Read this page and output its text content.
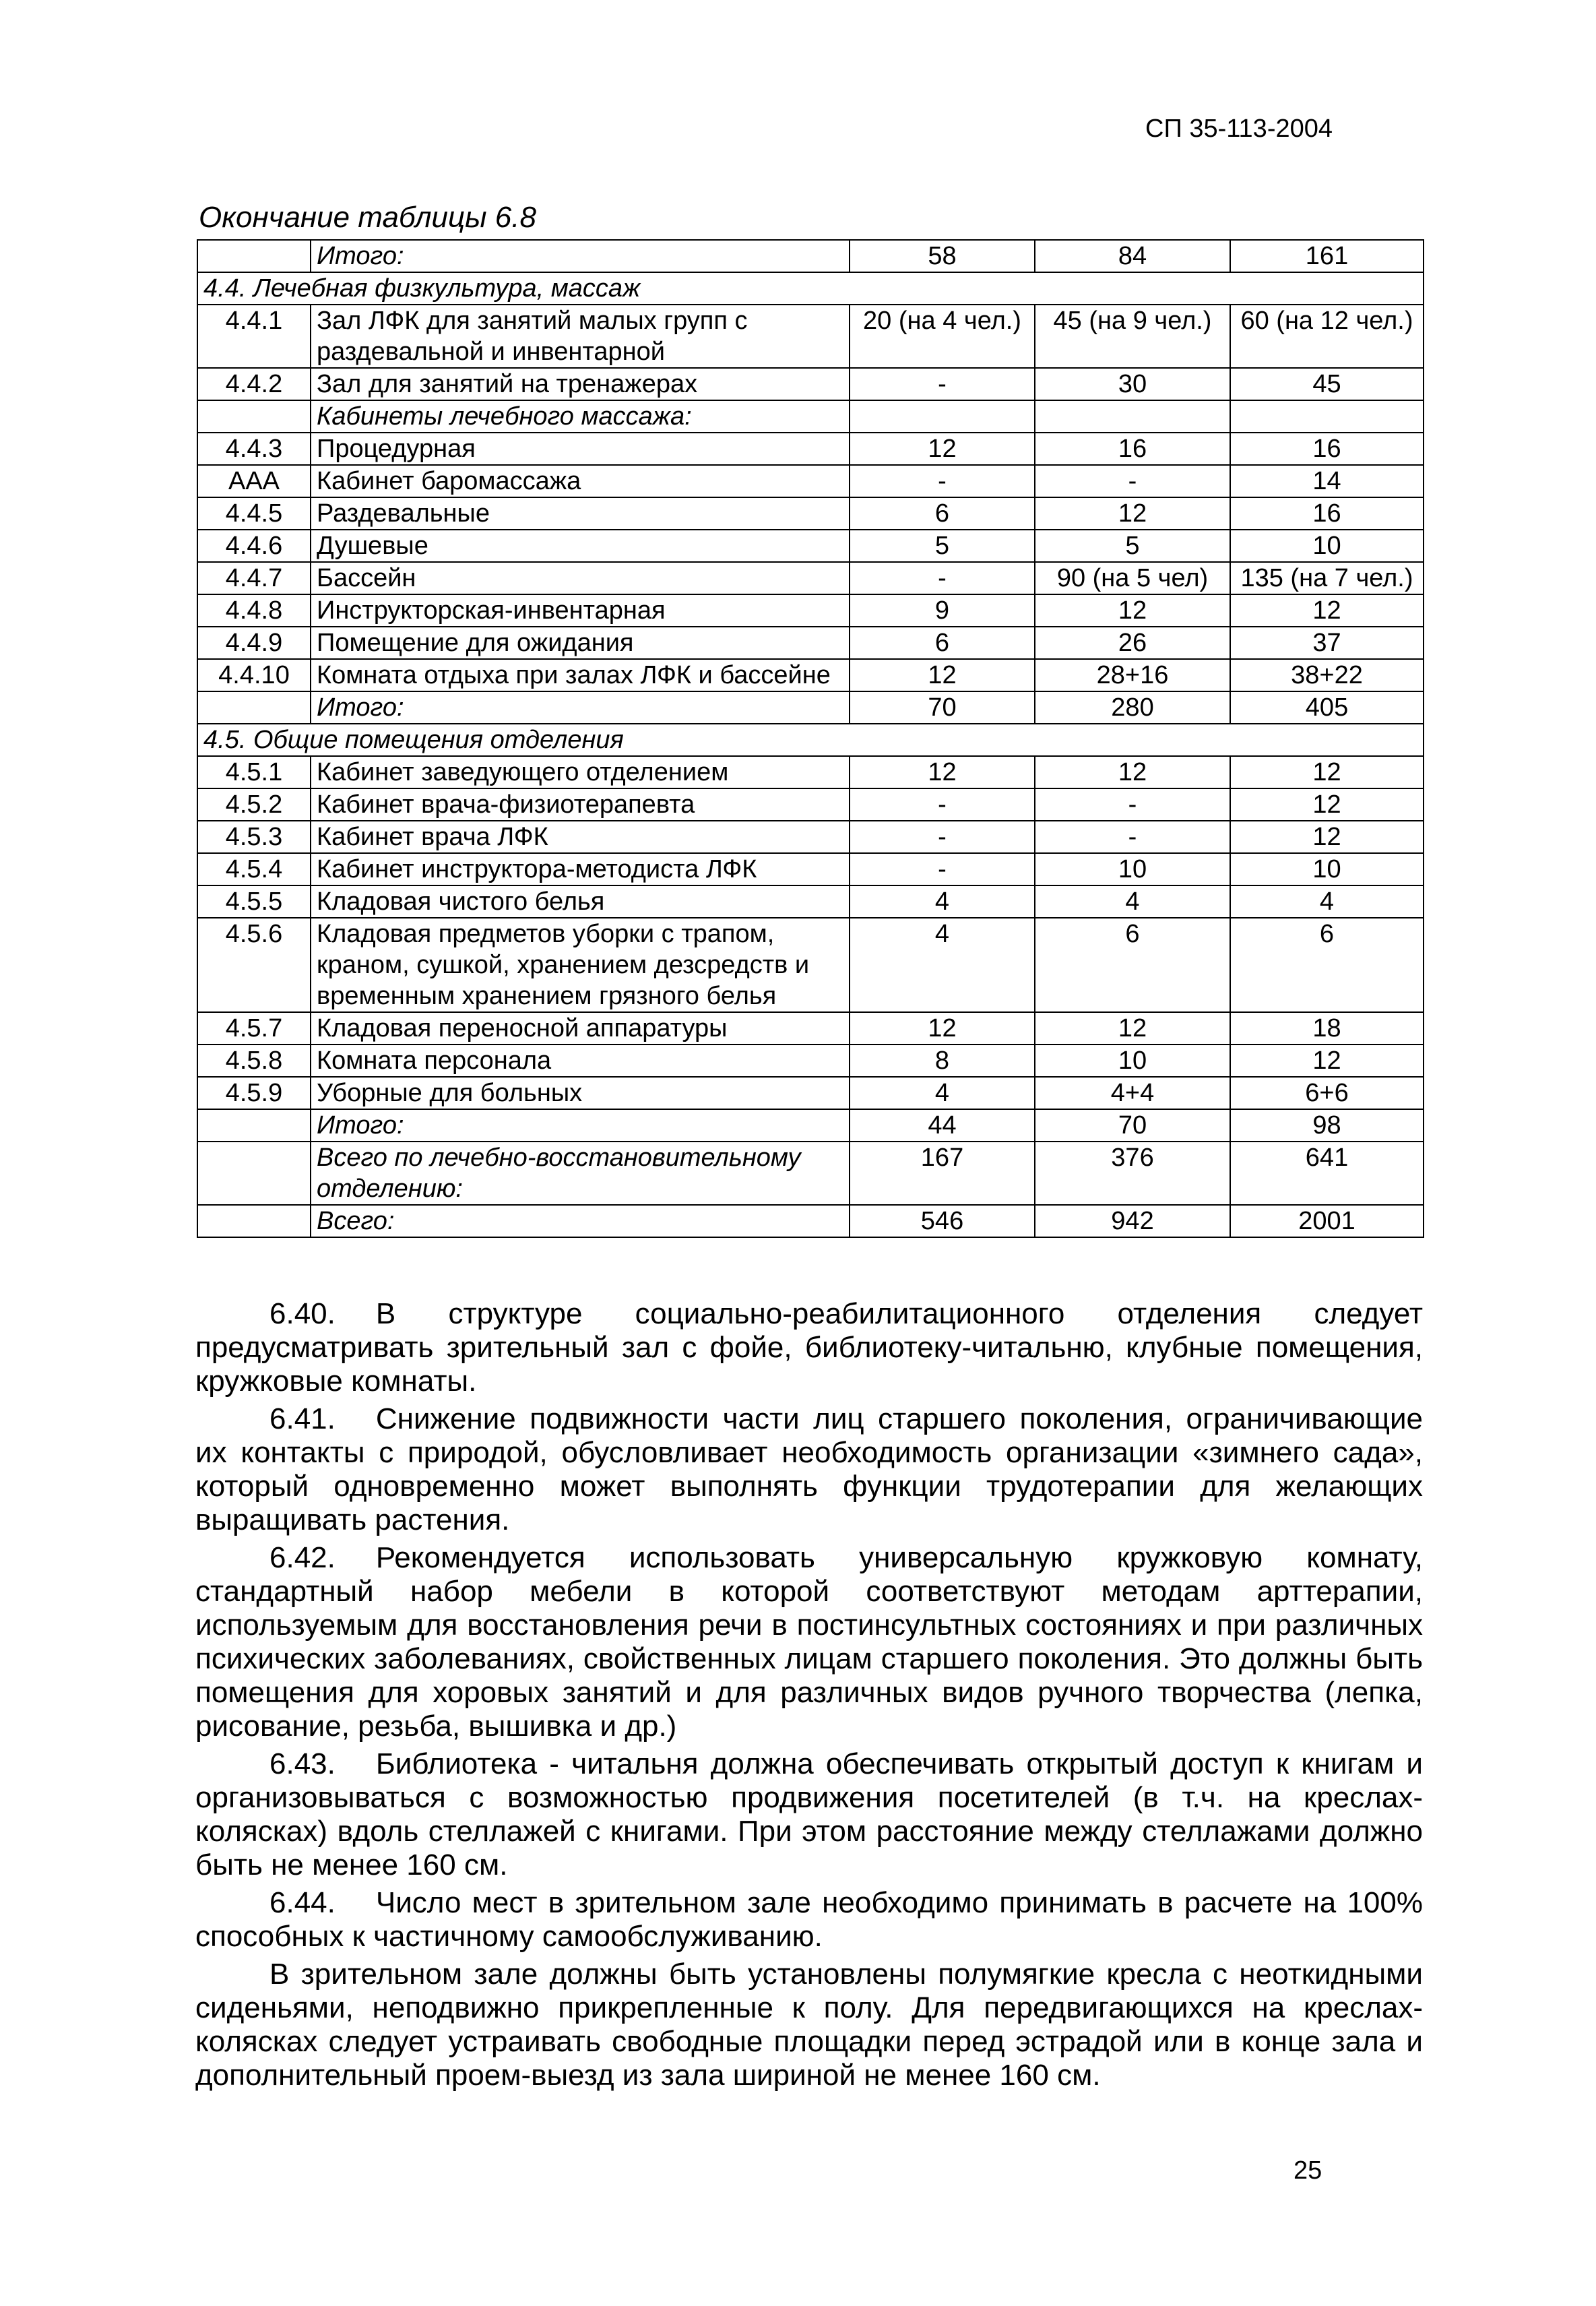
СП 35-113-2004
Окончание таблицы 6.8
	Итого:	58	84	161
4.4. Лечебная физкультура, массаж				
4.4.1	Зал ЛФК для занятий малых групп с раздевальной и инвентарной	20 (на 4 чел.)	45 (на 9 чел.)	60 (на 12 чел.)
4.4.2	Зал для занятий на тренажерах	-	30	45
	Кабинеты лечебного массажа:			
4.4.3	Процедурная	12	16	16
ААА	Кабинет баромассажа	-	-	14
4.4.5	Раздевальные	6	12	16
4.4.6	Душевые	5	5	10
4.4.7	Бассейн	-	90 (на 5 чел)	135 (на 7 чел.)
4.4.8	Инструкторская-инвентарная	9	12	12
4.4.9	Помещение для ожидания	6	26	37
4.4.10	Комната отдыха при залах ЛФК и бассейне	12	28+16	38+22
	Итого:	70	280	405
4.5. Общие помещения отделения				
4.5.1	Кабинет заведующего отделением	12	12	12
4.5.2	Кабинет врача-физиотерапевта	-	-	12
4.5.3	Кабинет врача ЛФК	-	-	12
4.5.4	Кабинет инструктора-методиста ЛФК	-	10	10
4.5.5	Кладовая чистого белья	4	4	4
4.5.6	Кладовая предметов уборки с трапом, краном, сушкой, хранением дезсредств и временным хранением грязного белья	4	6	6
4.5.7	Кладовая переносной аппаратуры	12	12	18
4.5.8	Комната персонала	8	10	12
4.5.9	Уборные для больных	4	4+4	6+6
	Итого:	44	70	98
	Всего по лечебно-восстановительному отделению:	167	376	641
	Всего:	546	942	2001

6.40. В структуре социально-реабилитационного отделения следует предусматривать зрительный зал с фойе, библиотеку-читальню, клубные помещения, кружковые комнаты.

6.41. Снижение подвижности части лиц старшего поколения, ограничивающие их контакты с природой, обусловливает необходимость организации «зимнего сада», который одновременно может выполнять функции трудотерапии для желающих выращивать растения.

6.42. Рекомендуется использовать универсальную кружковую комнату, стандартный набор мебели в которой соответствуют методам арттерапии, используемым для восстановления речи в постинсультных состояниях и при различных психических заболеваниях, свойственных лицам старшего поколения. Это должны быть помещения для хоровых занятий и для различных видов ручного творчества (лепка, рисование, резьба, вышивка и др.)

6.43. Библиотека - читальня должна обеспечивать открытый доступ к книгам и организовываться с возможностью продвижения посетителей (в т.ч. на креслах-колясках) вдоль стеллажей с книгами. При этом расстояние между стеллажами должно быть не менее 160 см.

6.44. Число мест в зрительном зале необходимо принимать в расчете на 100% способных к частичному самообслуживанию.

В зрительном зале должны быть установлены полумягкие кресла с неоткидными сиденьями, неподвижно прикрепленные к полу. Для передвигающихся на креслах-колясках следует устраивать свободные площадки перед эстрадой или в конце зала и дополнительный проем-выезд из зала шириной не менее 160 см.

25
